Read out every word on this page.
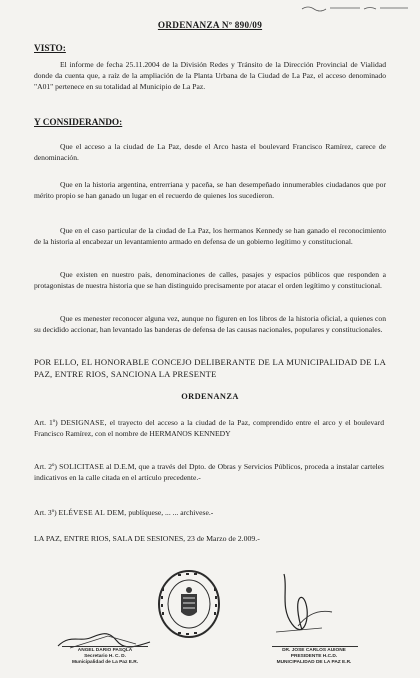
ORDENANZA Nº 890/09
VISTO:
El informe de fecha 25.11.2004 de la División Redes y Tránsito de la Dirección Provincial de Vialidad donde da cuenta que, a raíz de la ampliación de la Planta Urbana de la Ciudad de La Paz, el acceso denominado "A01" pertenece en su totalidad al Municipio de La Paz.
Y CONSIDERANDO:
Que el acceso a la ciudad de La Paz, desde el Arco hasta el boulevard Francisco Ramírez, carece de denominación.
Que en la historia argentina, entrerriana y paceña, se han desempeñado innumerables ciudadanos que por mérito propio se han ganado un lugar en el recuerdo de quienes los sucedieron.
Que en el caso particular de la ciudad de La Paz, los hermanos Kennedy se han ganado el reconocimiento de la historia al encabezar un levantamiento armado en defensa de un gobierno legítimo y constitucional.
Que existen en nuestro país, denominaciones de calles, pasajes y espacios públicos que responden a protagonistas de nuestra historia que se han distinguido precisamente por atacar el orden legítimo y constitucional.
Que es menester reconocer alguna vez, aunque no figuren en los libros de la historia oficial, a quienes con su decidido accionar, han levantado las banderas de defensa de las causas nacionales, populares y constitucionales.
POR ELLO, EL HONORABLE CONCEJO DELIBERANTE DE LA MUNICIPALIDAD DE LA PAZ, ENTRE RIOS, SANCIONA LA PRESENTE
ORDENANZA
Art. 1º) DESIGNASE, el trayecto del acceso a la ciudad de la Paz, comprendido entre el arco y el boulevard Francisco Ramírez, con el nombre de HERMANOS KENNEDY
Art. 2º) SOLICITASE al D.E.M, que a través del Dpto. de Obras y Servicios Públicos, proceda a instalar carteles indicativos en la calle citada en el artículo precedente.-
Art. 3º) ELÉVESE AL DEM, publíquese, ... ... archivese.-
LA PAZ, ENTRE RIOS, SALA DE SESIONES, 23 de Marzo de 2.009.-
ANGEL DARIO PASQLA
Secretario H. C. D.
Municipalidad de La Paz E.R.
DR. JOSE CARLOS AUIONE
PRESIDENTE H.C.D.
MUNICIPALIDAD DE LA PAZ E.R.
